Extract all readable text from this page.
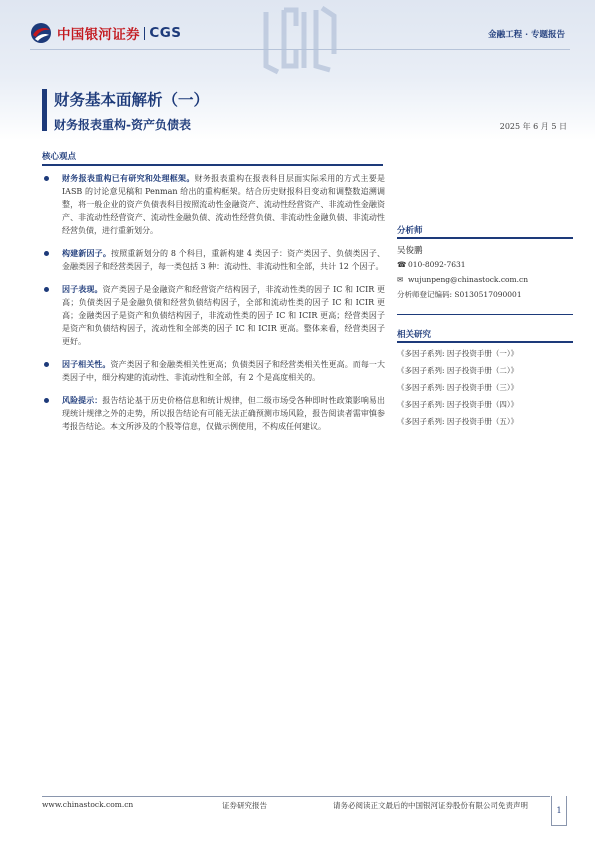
中国银河证券 CGS	金融工程 · 专题报告
财务基本面解析（一）
财务报表重构-资产负债表	2025 年 6 月 5 日
核心观点
财务报表重构已有研究和处理框架。财务报表重构在报表科目层面实际采用的方式主要是 IASB 的讨论意见稿和 Penman 给出的重构框架。结合历史财报科目变动和调整数追溯调整，将一般企业的资产负债表科目按照流动性金融资产、流动性经营资产、非流动性金融资产、非流动性经营资产、流动性金融负债、流动性经营负债、非流动性金融负债、非流动性经营负债，进行重新划分。
构建新因子。按照重新划分的 8 个科目，重新构建 4 类因子：资产类因子、负债类因子、金融类因子和经营类因子，每一类包括 3 种：流动性、非流动性和全部，共计 12 个因子。
因子表现。资产类因子是金融资产和经营资产结构因子，非流动性类的因子 IC 和 ICIR 更高；负债类因子是金融负债和经营负债结构因子，全部和流动性类的因子 IC 和 ICIR 更高；金融类因子是资产和负债结构因子，非流动性类的因子 IC 和 ICIR 更高；经营类因子是资产和负债结构因子，流动性和全部类的因子 IC 和 ICIR 更高。整体来看，经营类因子更好。
因子相关性。资产类因子和金融类相关性更高；负债类因子和经营类相关性更高。而每一大类因子中，细分构建的流动性、非流动性和全部，有 2 个是高度相关的。
风险提示：报告结论基于历史价格信息和统计规律，但二级市场受各种即时性政策影响易出现统计规律之外的走势，所以报告结论有可能无法正确预测市场风险，报告阅读者需审慎参考报告结论。本文所涉及的个股等信息，仅做示例使用，不构成任何建议。
分析师
吴俊鹏
☎ 010-8092-7631
✉ wujunpeng@chinastock.com.cn
分析师登记编码: S0130517090001
相关研究
《多因子系列: 因子投资手册（一）》
《多因子系列: 因子投资手册（二）》
《多因子系列: 因子投资手册（三）》
《多因子系列: 因子投资手册（四）》
《多因子系列: 因子投资手册（五）》
www.chinastock.com.cn	证券研究报告	请务必阅读正文最后的中国银河证券股份有限公司免责声明
1
